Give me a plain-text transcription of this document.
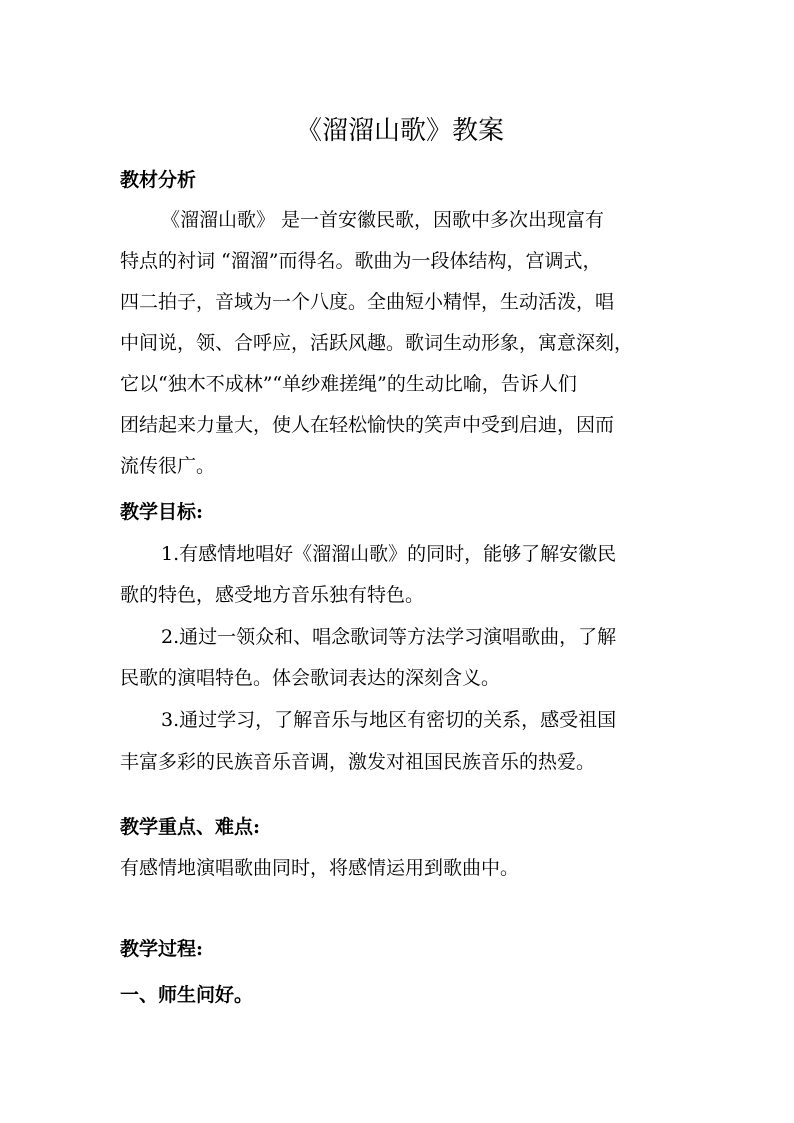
《溜溜山歌》教案
教材分析
《溜溜山歌》 是一首安徽民歌，因歌中多次出现富有
特点的衬词 “溜溜”而得名。歌曲为一段体结构，宫调式，
四二拍子，音域为一个八度。全曲短小精悍，生动活泼，唱
中间说，领、合呼应，活跃风趣。歌词生动形象，寓意深刻，
它以“独木不成林”“单纱难搓绳”的生动比喻，告诉人们
团结起来力量大，使人在轻松愉快的笑声中受到启迪，因而
流传很广。
教学目标:
1.有感情地唱好《溜溜山歌》的同时，能够了解安徽民
歌的特色，感受地方音乐独有特色。
2.通过一领众和、唱念歌词等方法学习演唱歌曲，了解
民歌的演唱特色。体会歌词表达的深刻含义。
3.通过学习，了解音乐与地区有密切的关系，感受祖国
丰富多彩的民族音乐音调，激发对祖国民族音乐的热爱。
教学重点、难点:
有感情地演唱歌曲同时，将感情运用到歌曲中。
教学过程:
一、师生问好。
